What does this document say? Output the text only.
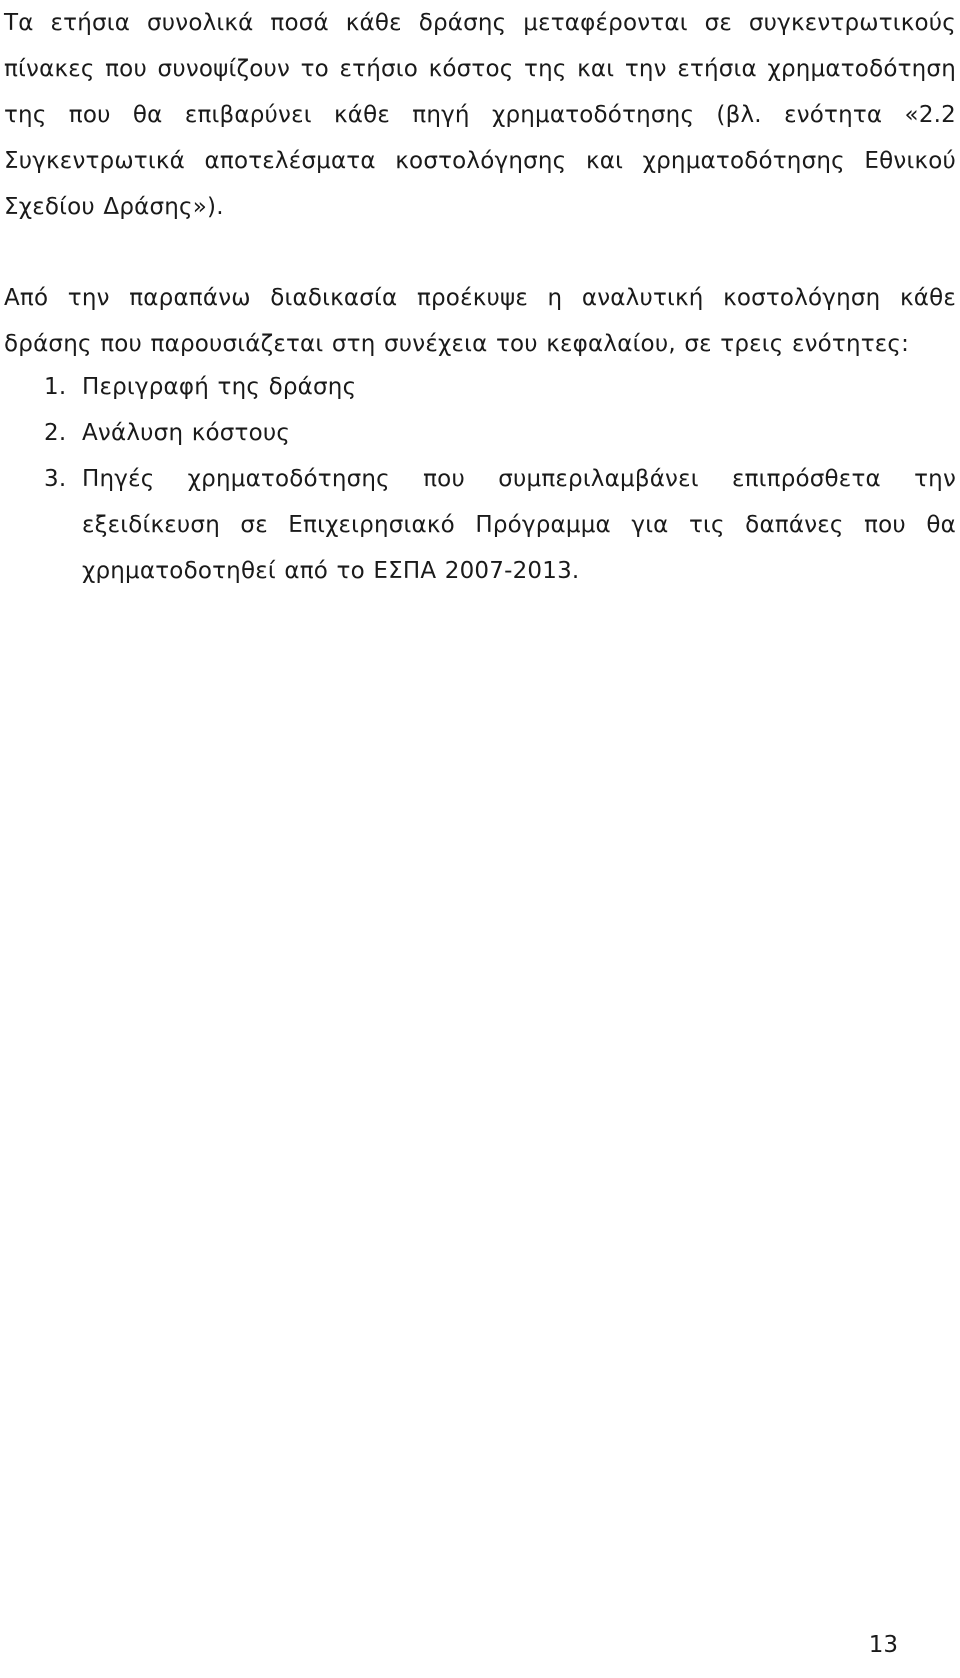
Τα ετήσια συνολικά ποσά κάθε δράσης μεταφέρονται σε συγκεντρωτικούς πίνακες που συνοψίζουν το ετήσιο κόστος της και την ετήσια χρηματοδότηση της που θα επιβαρύνει κάθε πηγή χρηματοδότησης (βλ. ενότητα «2.2 Συγκεντρωτικά αποτελέσματα κοστολόγησης και χρηματοδότησης Εθνικού Σχεδίου Δράσης»).

Από την παραπάνω διαδικασία προέκυψε η αναλυτική κοστολόγηση κάθε δράσης που παρουσιάζεται στη συνέχεια του κεφαλαίου, σε τρεις ενότητες:

1. Περιγραφή της δράσης
2. Ανάλυση κόστους
3. Πηγές χρηματοδότησης που συμπεριλαμβάνει επιπρόσθετα την εξειδίκευση σε Επιχειρησιακό Πρόγραμμα για τις δαπάνες που θα χρηματοδοτηθεί από το ΕΣΠΑ 2007-2013.
13
